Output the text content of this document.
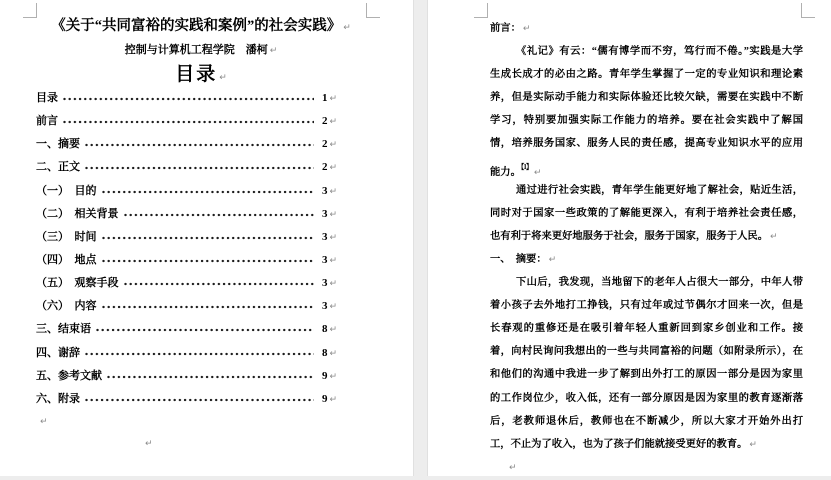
《关于“共同富裕的实践和案例”的社会实践》 ↵
控制与计算机工程学院　潘柯 ↵
目录 ↵
目录	1 ↵
前言	2 ↵
一、摘要	2 ↵
二、正文	2 ↵
（一）　目的	3 ↵
（二）　相关背景	3 ↵
（三）　时间	3 ↵
（四）　地点	3 ↵
（五）　观察手段	3 ↵
（六）　内容	3 ↵
三、结束语	8 ↵
四、谢辞	8 ↵
五、参考文献	9 ↵
六、附录	9 ↵
↵
↵
前言： ↵
《礼记》有云：“儒有博学而不穷，笃行而不倦。”实践是大学
生成长成才的必由之路。青年学生掌握了一定的专业知识和理论素
养，但是实际动手能力和实际体验还比较欠缺，需要在实践中不断
学习，特别要加强实际工作能力的培养。要在社会实践中了解国
情，培养服务国家、服务人民的责任感，提高专业知识水平的应用
能力。$^{【1】}$↵
通过进行社会实践，青年学生能更好地了解社会，贴近生活，
同时对于国家一些政策的了解能更深入，有利于培养社会责任感，
也有利于将来更好地服务于社会，服务于国家，服务于人民。 ↵
一、　摘要： ↵
下山后，我发现，当地留下的老年人占很大一部分，中年人带
着小孩子去外地打工挣钱，只有过年或过节偶尔才回来一次，但是
长春观的重修还是在吸引着年轻人重新回到家乡创业和工作。接
着，向村民询问我想出的一些与共同富裕的问题（如附录所示），在
和他们的沟通中我进一步了解到出外打工的原因一部分是因为家里
的工作岗位少，收入低，还有一部分原因是因为家里的教育逐渐落
后，老教师退休后，教师也在不断减少，所以大家才开始外出打
工，不止为了收入，也为了孩子们能就接受更好的教育。 ↵
↵
